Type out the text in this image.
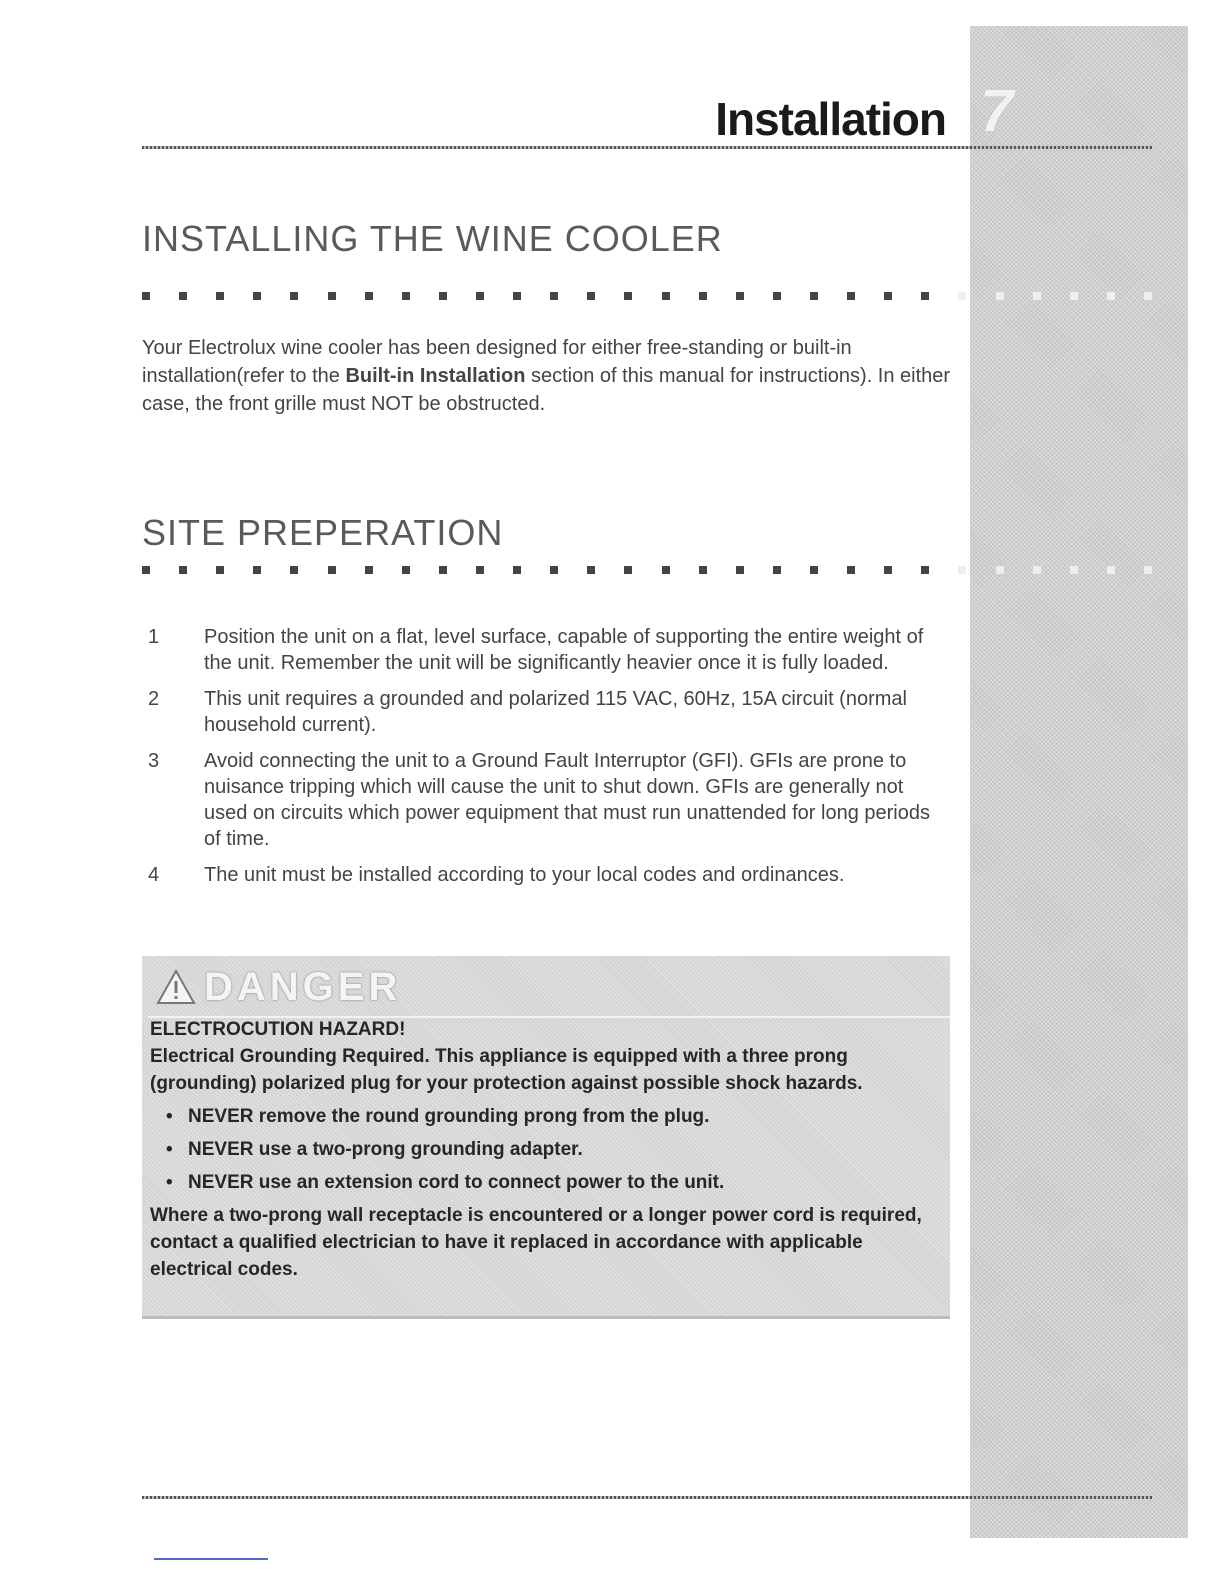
Installation 7
INSTALLING THE WINE COOLER

Your Electrolux wine cooler has been designed for either free-standing or built-in installation(refer to the Built-in Installation section of this manual for instructions). In either case, the front grille must NOT be obstructed.

SITE PREPERATION
1	Position the unit on a flat, level surface, capable of supporting the entire weight of the unit. Remember the unit will be significantly heavier once it is fully loaded.
2	This unit requires a grounded and polarized 115 VAC, 60Hz, 15A circuit (normal household current).
3	Avoid connecting the unit to a Ground Fault Interruptor (GFI). GFIs are prone to nuisance tripping which will cause the unit to shut down. GFIs are generally not used on circuits which power equipment that must run unattended for long periods of time.
4	The unit must be installed according to your local codes and ordinances.
DANGER

ELECTROCUTION HAZARD!

Electrical Grounding Required. This appliance is equipped with a three prong (grounding) polarized plug for your protection against possible shock hazards.

• NEVER remove the round grounding prong from the plug.
• NEVER use a two-prong grounding adapter.
• NEVER use an extension cord to connect power to the unit.

Where a two-prong wall receptacle is encountered or a longer power cord is required, contact a qualified electrician to have it replaced in accordance with applicable electrical codes.
